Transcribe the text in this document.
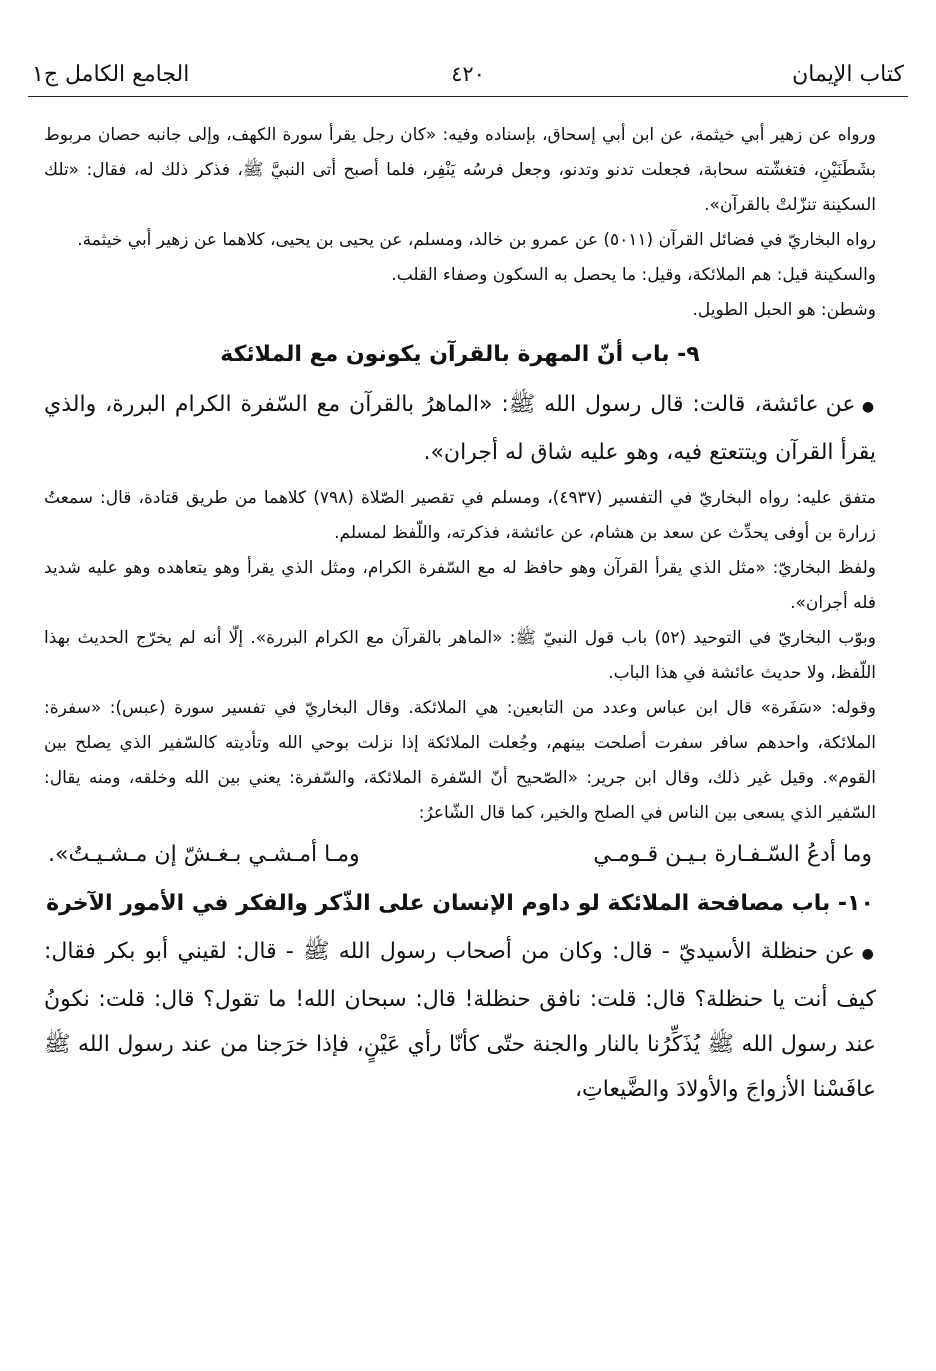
كتاب الإيمان
٤٢٠
الجامع الكامل ج١

ورواه عن زهير أبي خيثمة، عن ابن أبي إسحاق، بإسناده وفيه: «كان رجل يقرأ سورة الكهف، وإلى جانبه حصان مربوط بشَطَنَيْنِ، فتغشّته سحابة، فجعلت تدنو وتدنو، وجعل فرسُه يَنْفِر، فلما أصبح أتى النبيَّ ﷺ، فذكر ذلك له، فقال: «تلك السكينة تنزّلتْ بالقرآن».

رواه البخاريّ في فضائل القرآن (٥٠١١) عن عمرو بن خالد، ومسلم، عن يحيى بن يحيى، كلاهما عن زهير أبي خيثمة.

والسكينة قيل: هم الملائكة، وقيل: ما يحصل به السكون وصفاء القلب.

وشطن: هو الحبل الطويل.

٩- باب أنّ المهرة بالقرآن يكونون مع الملائكة

● عن عائشة، قالت: قال رسول الله ﷺ: «الماهرُ بالقرآن مع السّفرة الكرام البررة، والذي يقرأ القرآن ويتتعتع فيه، وهو عليه شاق له أجران».

متفق عليه: رواه البخاريّ في التفسير (٤٩٣٧)، ومسلم في تقصير الصّلاة (٧٩٨) كلاهما من طريق قتادة، قال: سمعتُ زرارة بن أوفى يحدِّث عن سعد بن هشام، عن عائشة، فذكرته، واللّفظ لمسلم.

ولفظ البخاريّ: «مثل الذي يقرأ القرآن وهو حافظ له مع السّفرة الكرام، ومثل الذي يقرأ وهو يتعاهده وهو عليه شديد فله أجران».

وبوّب البخاريّ في التوحيد (٥٢) باب قول النبيّ ﷺ: «الماهر بالقرآن مع الكرام البررة». إلّا أنه لم يخرّج الحديث بهذا اللّفظ، ولا حديث عائشة في هذا الباب.

وقوله: «سَفَرة» قال ابن عباس وعدد من التابعين: هي الملائكة. وقال البخاريّ في تفسير سورة (عبس): «سفرة: الملائكة، واحدهم سافر سفرت أصلحت بينهم، وجُعلت الملائكة إذا نزلت بوحي الله وتأديته كالسّفير الذي يصلح بين القوم». وقيل غير ذلك، وقال ابن جرير: «الصّحيح أنّ السّفرة الملائكة، والسّفرة: يعني بين الله وخلقه، ومنه يقال: السّفير الذي يسعى بين الناس في الصلح والخير، كما قال الشّاعرُ:

وما أدعُ السّـفـارة بـيـن قـومـي
ومـا أمـشـي بـغـشّ إن مـشـيـتُ».
١٠- باب مصافحة الملائكة لو داوم الإنسان على الذّكر والفكر في الأمور الآخرة

● عن حنظلة الأسيديّ - قال: وكان من أصحاب رسول الله ﷺ - قال: لقيني أبو بكر فقال: كيف أنت يا حنظلة؟ قال: قلت: نافق حنظلة! قال: سبحان الله! ما تقول؟ قال: قلت: نكونُ عند رسول الله ﷺ يُذَكِّرُنا بالنار والجنة حتّى كأنّا رأي عَيْنٍ، فإذا خرَجنا من عند رسول الله ﷺ عافَسْنا الأزواجَ والأولادَ والضَّيعاتِ،
